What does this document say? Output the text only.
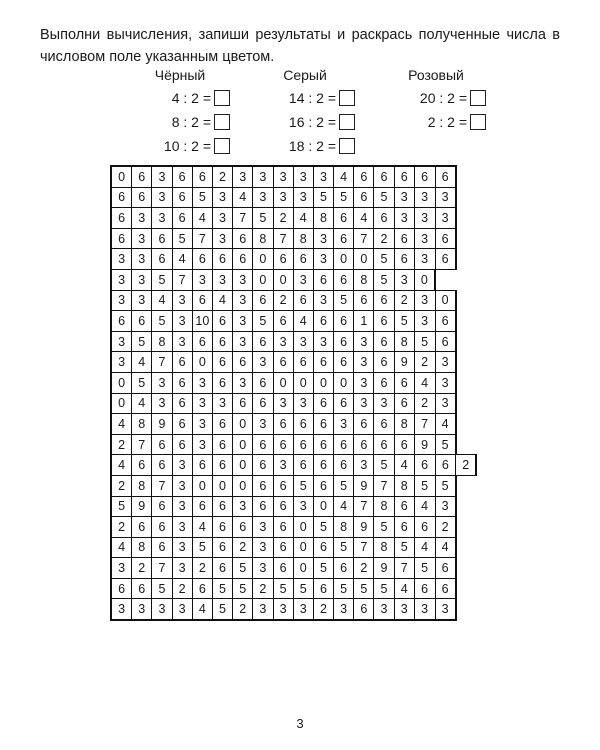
Выполни вычисления, запиши результаты и раскрась полученные числа в числовом поле указанным цветом.

Чёрный
4 : 2 =
8 : 2 =
10 : 2 =
Серый
14 : 2 =
16 : 2 =
18 : 2 =
Розовый
20 : 2 =
2 : 2 =
0	6	3	6	6	2	3	3	3	3	3	4	6	6	6	6	6	
6	6	3	6	5	3	4	3	3	3	5	5	6	5	3	3	3	
6	3	3	6	4	3	7	5	2	4	8	6	4	6	3	3	3	
6	3	6	5	7	3	6	8	7	8	3	6	7	2	6	3	6	
3	3	6	4	6	6	6	0	6	6	3	0	0	5	6	3	6	
3	3	5	7	3	3	3	0	0	3	6	6	8	5	3	0		
3	3	4	3	6	4	3	6	2	6	3	5	6	6	2	3	0	
6	6	5	3	10	6	3	5	6	4	6	6	1	6	5	3	6	
3	5	8	3	6	6	3	6	3	3	3	6	3	6	8	5	6	
3	4	7	6	0	6	6	3	6	6	6	6	3	6	9	2	3	
0	5	3	6	3	6	3	6	0	0	0	0	3	6	6	4	3	
0	4	3	6	3	3	6	6	3	3	6	6	3	3	6	2	3	
4	8	9	6	3	6	0	3	6	6	6	3	6	6	8	7	4	
2	7	6	6	3	6	0	6	6	6	6	6	6	6	6	9	5	
4	6	6	3	6	6	0	6	3	6	6	6	3	5	4	6	6	2
2	8	7	3	0	0	0	6	6	5	6	5	9	7	8	5	5	
5	9	6	3	6	6	3	6	6	3	0	4	7	8	6	4	3	
2	6	6	3	4	6	6	3	6	0	5	8	9	5	6	6	2	
4	8	6	3	5	6	2	3	6	0	6	5	7	8	5	4	4	
3	2	7	3	2	6	5	3	6	0	5	6	2	9	7	5	6	
6	6	5	2	6	5	5	2	5	5	6	5	5	5	4	6	6	
3	3	3	3	4	5	2	3	3	3	2	3	6	3	3	3	3	
3
